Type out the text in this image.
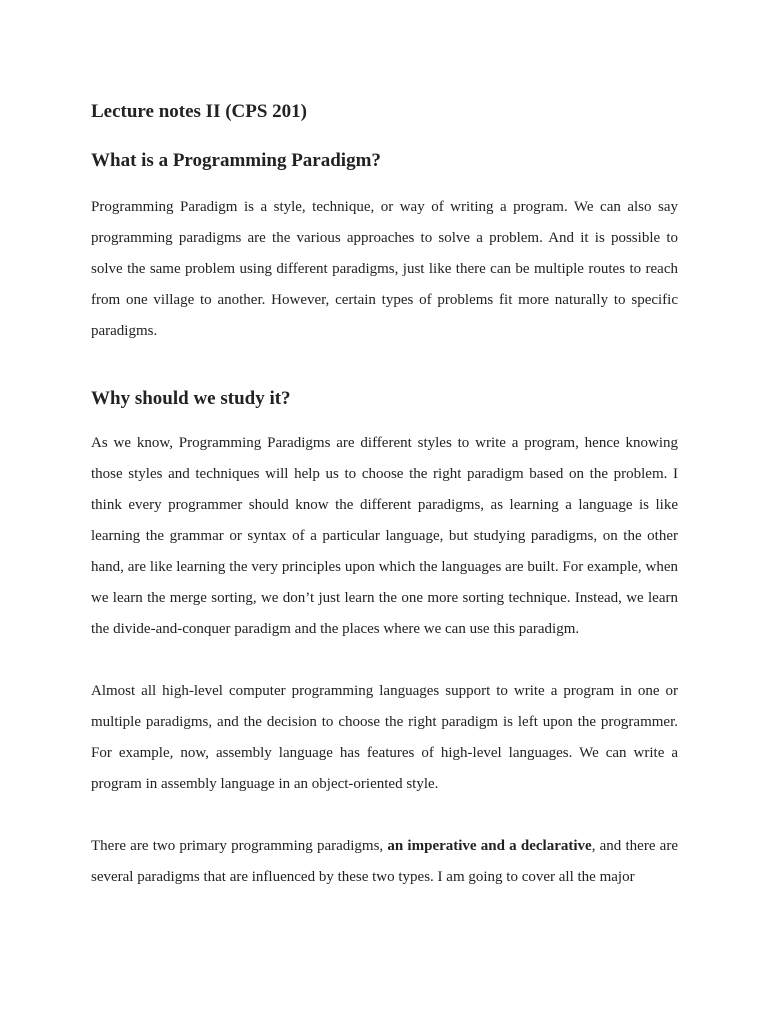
Lecture notes II (CPS 201)
What is a Programming Paradigm?

Programming Paradigm is a style, technique, or way of writing a program. We can also say programming paradigms are the various approaches to solve a problem. And it is possible to solve the same problem using different paradigms, just like there can be multiple routes to reach from one village to another. However, certain types of problems fit more naturally to specific paradigms.

Why should we study it?

As we know, Programming Paradigms are different styles to write a program, hence knowing those styles and techniques will help us to choose the right paradigm based on the problem. I think every programmer should know the different paradigms, as learning a language is like learning the grammar or syntax of a particular language, but studying paradigms, on the other hand, are like learning the very principles upon which the languages are built. For example, when we learn the merge sorting, we don’t just learn the one more sorting technique. Instead, we learn the divide-and-conquer paradigm and the places where we can use this paradigm.

Almost all high-level computer programming languages support to write a program in one or multiple paradigms, and the decision to choose the right paradigm is left upon the programmer. For example, now, assembly language has features of high-level languages. We can write a program in assembly language in an object-oriented style.

There are two primary programming paradigms, an imperative and a declarative, and there are several paradigms that are influenced by these two types. I am going to cover all the major
